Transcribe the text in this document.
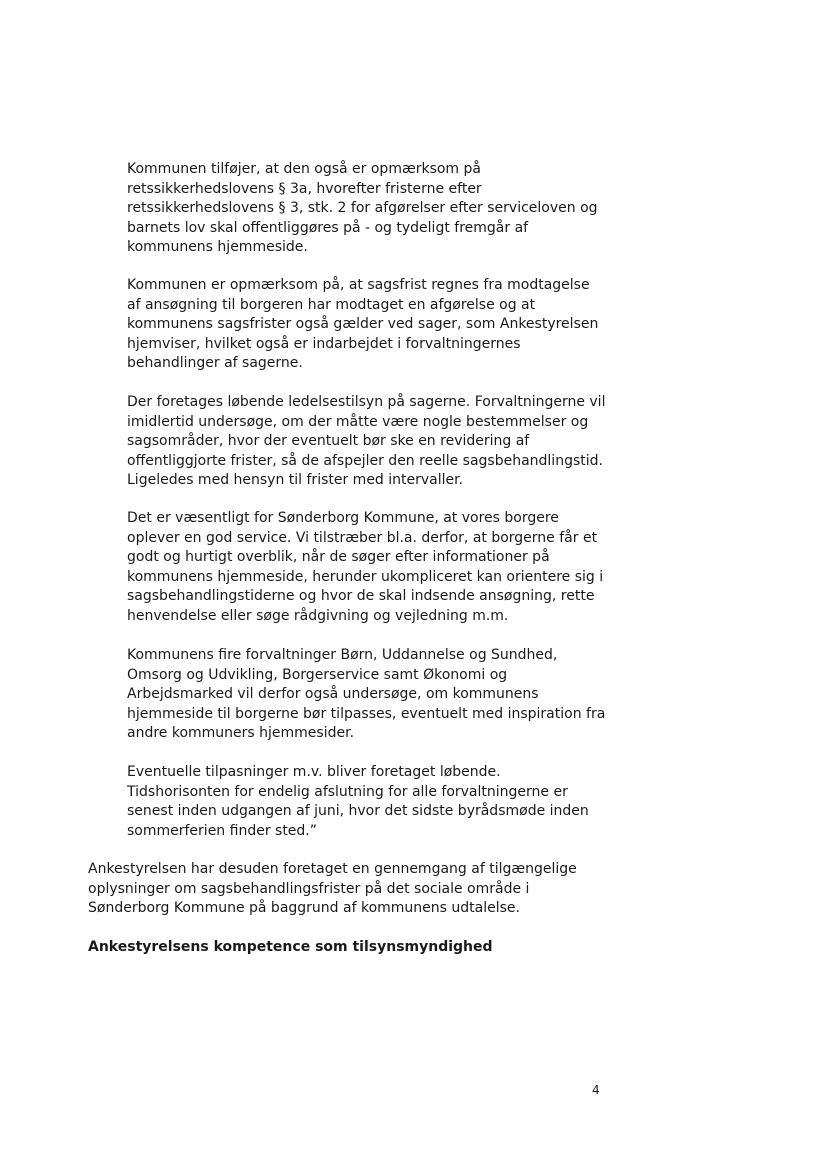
Kommunen tilføjer, at den også er opmærksom på
retssikkerhedslovens § 3a, hvorefter fristerne efter
retssikkerhedslovens § 3, stk. 2 for afgørelser efter serviceloven og
barnets lov skal offentliggøres på - og tydeligt fremgår af
kommunens hjemmeside.

Kommunen er opmærksom på, at sagsfrist regnes fra modtagelse
af ansøgning til borgeren har modtaget en afgørelse og at
kommunens sagsfrister også gælder ved sager, som Ankestyrelsen
hjemviser, hvilket også er indarbejdet i forvaltningernes
behandlinger af sagerne.

Der foretages løbende ledelsestilsyn på sagerne. Forvaltningerne vil
imidlertid undersøge, om der måtte være nogle bestemmelser og
sagsområder, hvor der eventuelt bør ske en revidering af
offentliggjorte frister, så de afspejler den reelle sagsbehandlingstid.
Ligeledes med hensyn til frister med intervaller.

Det er væsentligt for Sønderborg Kommune, at vores borgere
oplever en god service. Vi tilstræber bl.a. derfor, at borgerne får et
godt og hurtigt overblik, når de søger efter informationer på
kommunens hjemmeside, herunder ukompliceret kan orientere sig i
sagsbehandlingstiderne og hvor de skal indsende ansøgning, rette
henvendelse eller søge rådgivning og vejledning m.m.

Kommunens fire forvaltninger Børn, Uddannelse og Sundhed,
Omsorg og Udvikling, Borgerservice samt Økonomi og
Arbejdsmarked vil derfor også undersøge, om kommunens
hjemmeside til borgerne bør tilpasses, eventuelt med inspiration fra
andre kommuners hjemmesider.

Eventuelle tilpasninger m.v. bliver foretaget løbende.
Tidshorisonten for endelig afslutning for alle forvaltningerne er
senest inden udgangen af juni, hvor det sidste byrådsmøde inden
sommerferien finder sted.”

Ankestyrelsen har desuden foretaget en gennemgang af tilgængelige
oplysninger om sagsbehandlingsfrister på det sociale område i
Sønderborg Kommune på baggrund af kommunens udtalelse.

Ankestyrelsens kompetence som tilsynsmyndighed
4
